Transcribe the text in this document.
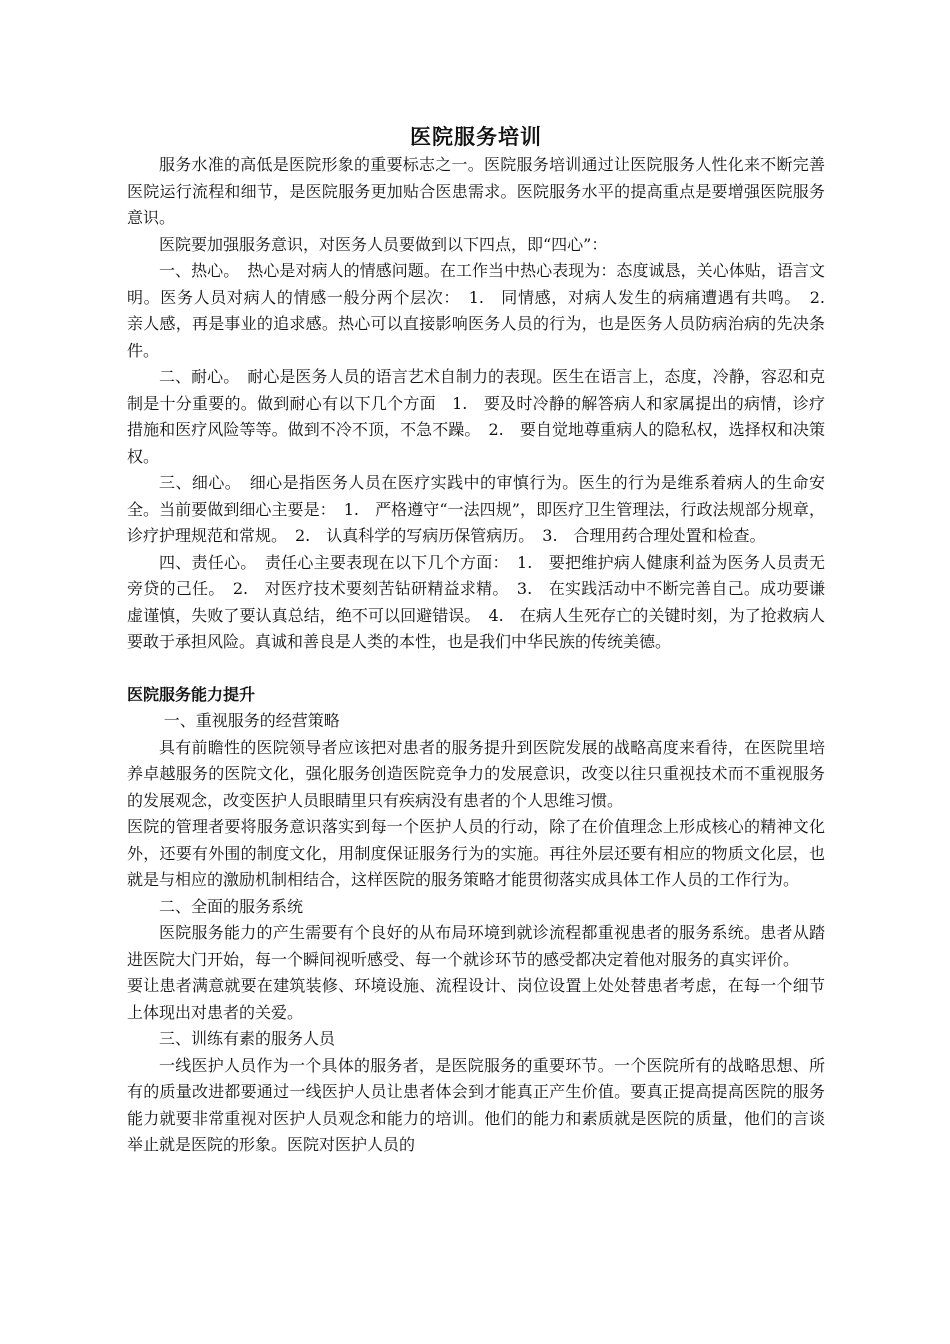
医院服务培训

服务水准的高低是医院形象的重要标志之一。医院服务培训通过让医院服务人性化来不断完善医院运行流程和细节，是医院服务更加贴合医患需求。医院服务水平的提高重点是要增强医院服务意识。

医院要加强服务意识，对医务人员要做到以下四点，即“四心”：

一、热心。　热心是对病人的情感问题。在工作当中热心表现为：态度诚恳，关心体贴，语言文明。医务人员对病人的情感一般分两个层次：　1.　同情感，对病人发生的病痛遭遇有共鸣。　2.　亲人感，再是事业的追求感。热心可以直接影响医务人员的行为，也是医务人员防病治病的先决条件。

二、耐心。　耐心是医务人员的语言艺术自制力的表现。医生在语言上，态度，冷静，容忍和克制是十分重要的。做到耐心有以下几个方面　1.　要及时冷静的解答病人和家属提出的病情，诊疗措施和医疗风险等等。做到不冷不顶，不急不躁。　2.　要自觉地尊重病人的隐私权，选择权和决策权。

三、细心。　细心是指医务人员在医疗实践中的审慎行为。医生的行为是维系着病人的生命安全。当前要做到细心主要是：　1.　严格遵守“一法四规”，即医疗卫生管理法，行政法规部分规章，诊疗护理规范和常规。　2.　认真科学的写病历保管病历。　3.　合理用药合理处置和检查。

四、责任心。　责任心主要表现在以下几个方面：　1.　要把维护病人健康利益为医务人员责无旁贷的己任。　2.　对医疗技术要刻苦钻研精益求精。　3.　在实践活动中不断完善自己。成功要谦虚谨慎，失败了要认真总结，绝不可以回避错误。　4.　在病人生死存亡的关键时刻，为了抢救病人要敢于承担风险。真诚和善良是人类的本性，也是我们中华民族的传统美德。

医院服务能力提升

一、重视服务的经营策略

具有前瞻性的医院领导者应该把对患者的服务提升到医院发展的战略高度来看待，在医院里培养卓越服务的医院文化，强化服务创造医院竞争力的发展意识，改变以往只重视技术而不重视服务的发展观念，改变医护人员眼睛里只有疾病没有患者的个人思维习惯。

医院的管理者要将服务意识落实到每一个医护人员的行动，除了在价值理念上形成核心的精神文化外，还要有外围的制度文化，用制度保证服务行为的实施。再往外层还要有相应的物质文化层，也就是与相应的激励机制相结合，这样医院的服务策略才能贯彻落实成具体工作人员的工作行为。

二、全面的服务系统

医院服务能力的产生需要有个良好的从布局环境到就诊流程都重视患者的服务系统。患者从踏进医院大门开始，每一个瞬间视听感受、每一个就诊环节的感受都决定着他对服务的真实评价。

要让患者满意就要在建筑装修、环境设施、流程设计、岗位设置上处处替患者考虑，在每一个细节上体现出对患者的关爱。

三、训练有素的服务人员

一线医护人员作为一个具体的服务者，是医院服务的重要环节。一个医院所有的战略思想、所有的质量改进都要通过一线医护人员让患者体会到才能真正产生价值。要真正提高提高医院的服务能力就要非常重视对医护人员观念和能力的培训。他们的能力和素质就是医院的质量，他们的言谈举止就是医院的形象。医院对医护人员的
